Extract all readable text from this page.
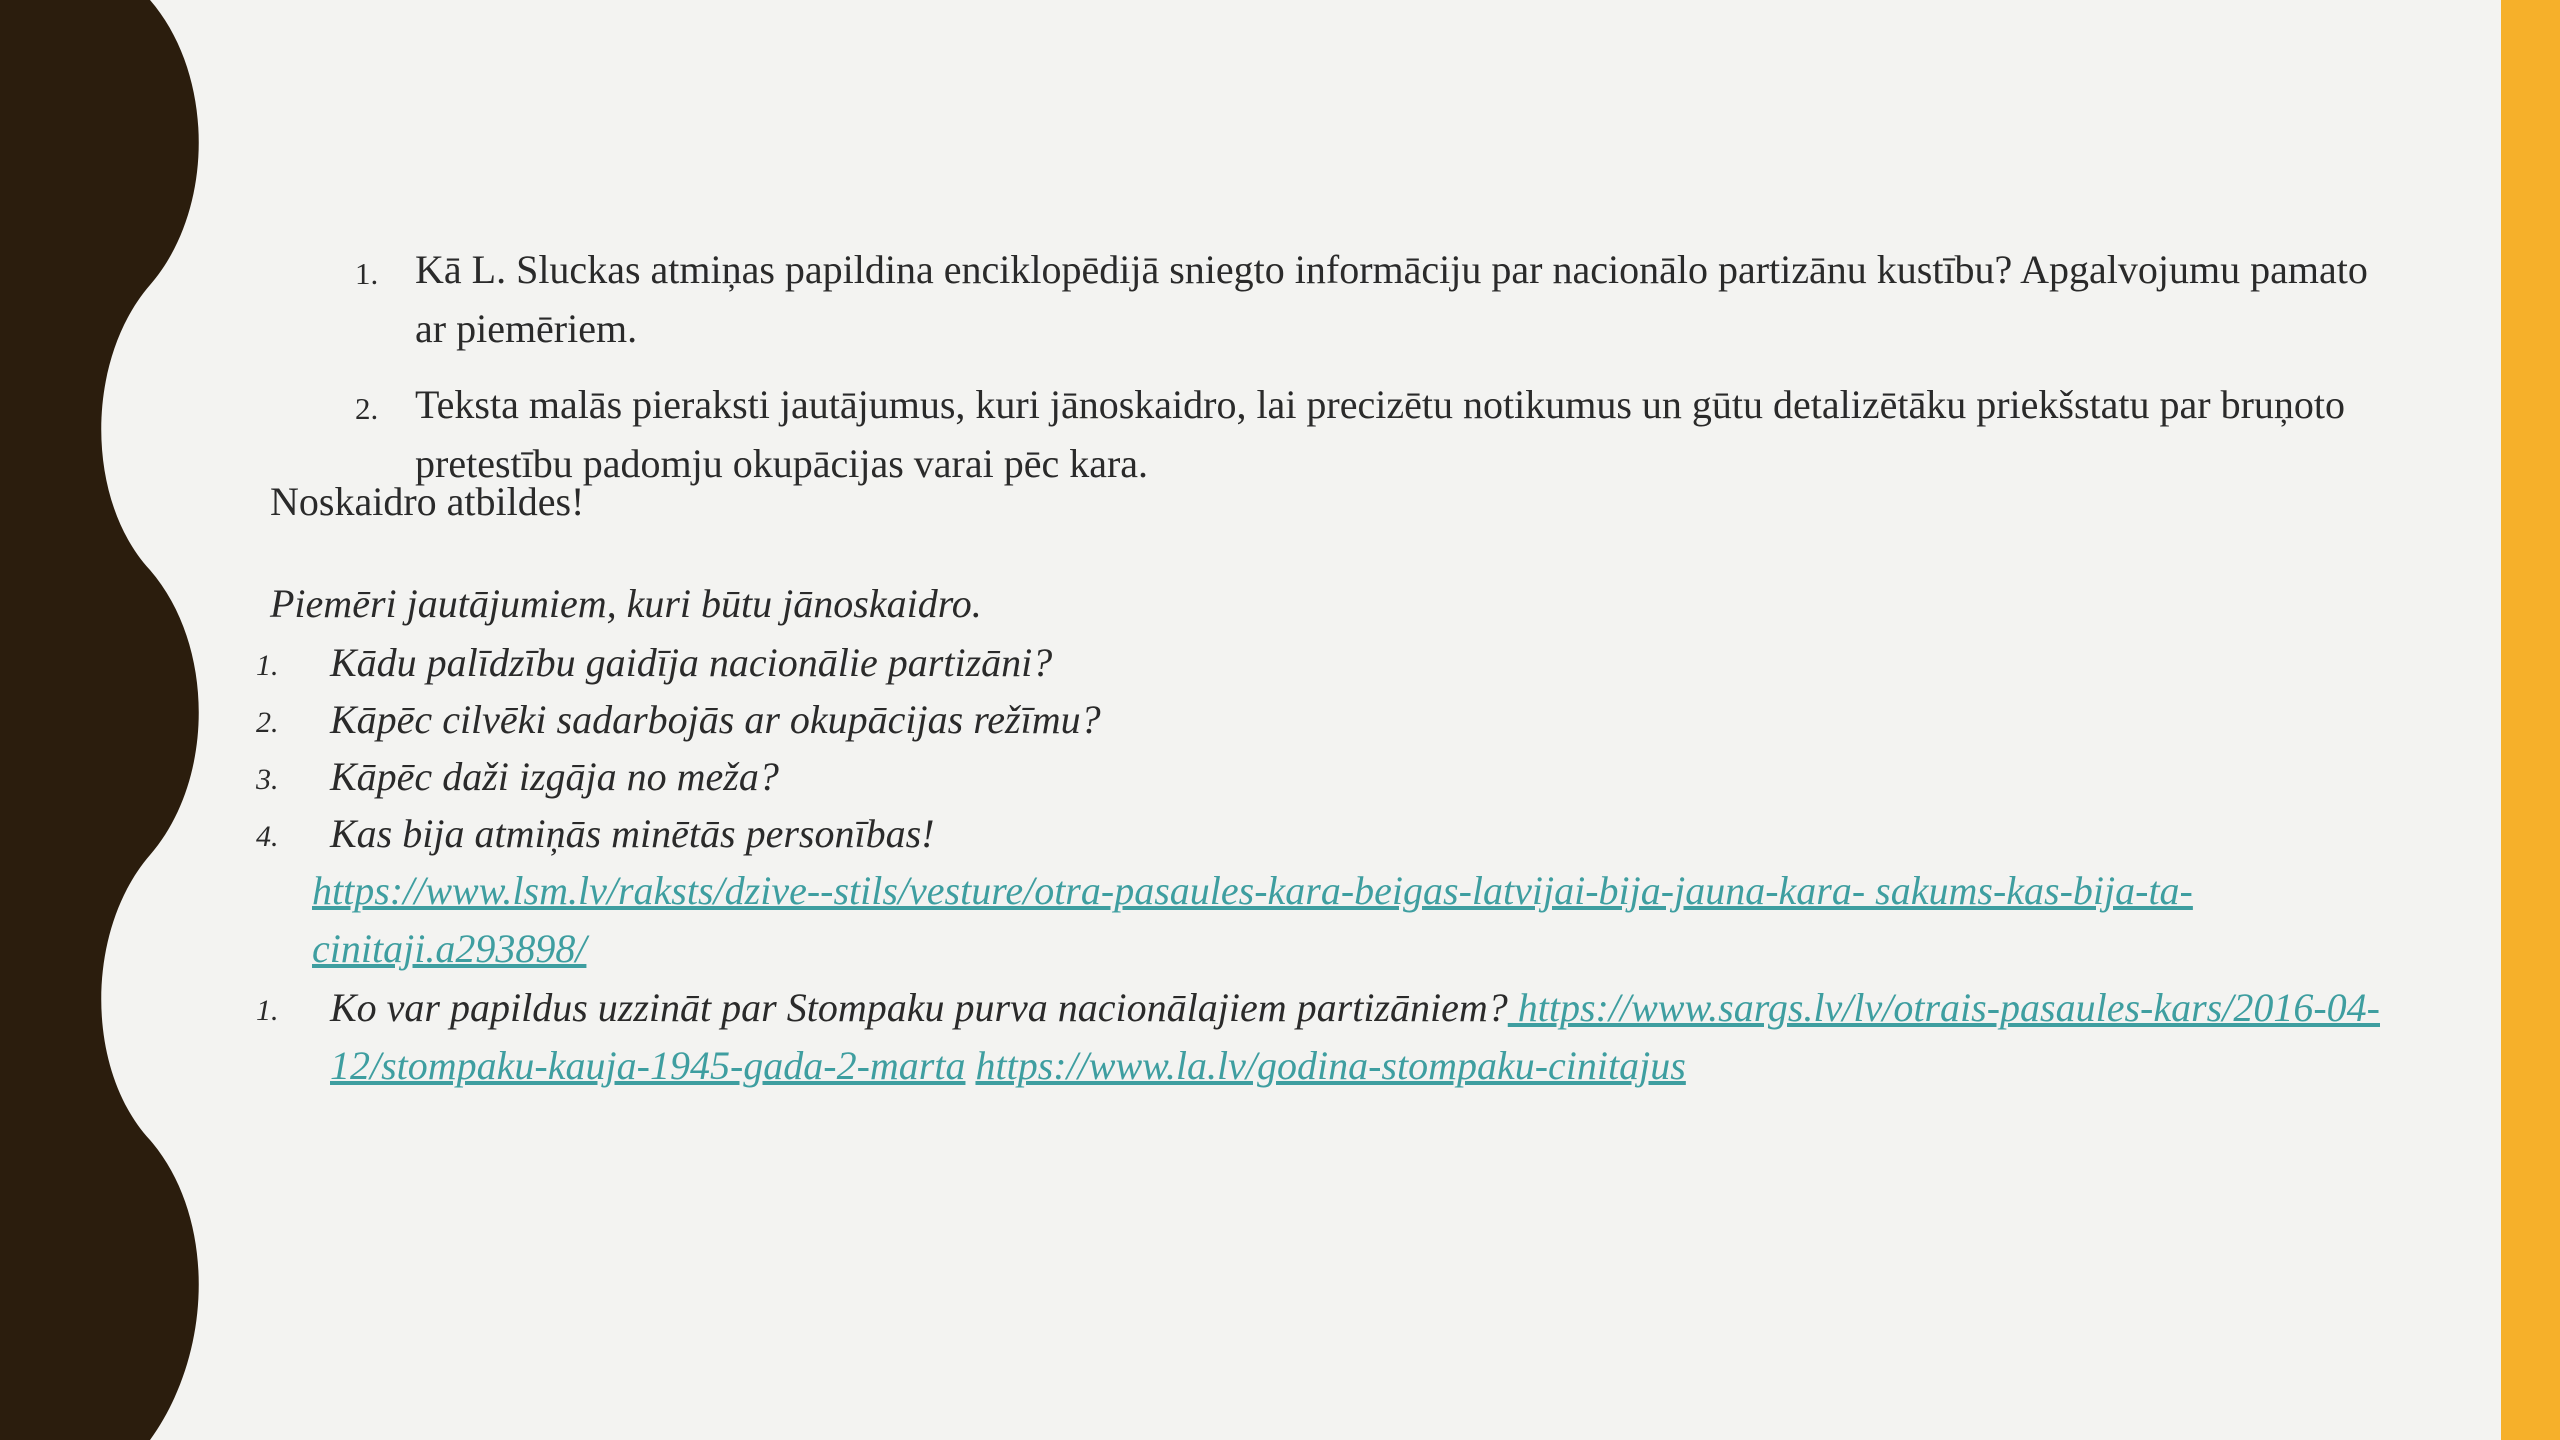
1. Kā L. Sluckas atmiņas papildina enciklopēdijā sniegto informāciju par nacionālo partizānu kustību? Apgalvojumu pamato ar piemēriem.
2. Teksta malās pieraksti jautājumus, kuri jānoskaidro, lai precizētu notikumus un gūtu detalizētāku priekšstatu par bruņoto pretestību padomju okupācijas varai pēc kara.
Noskaidro atbildes!
Piemēri jautājumiem, kuri būtu jānoskaidro.
1. Kādu palīdzību gaidīja nacionālie partizāni?
2. Kāpēc cilvēki sadarbojās ar okupācijas režīmu?
3. Kāpēc daži izgāja no meža?
4. Kas bija atmiņās minētās personības!
https://www.lsm.lv/raksts/dzive--stils/vesture/otra-pasaules-kara-beigas-latvijai-bija-jauna-kara- sakums-kas-bija-ta-cinitaji.a293898/
1. Ko var papildus uzzināt par Stompaku purva nacionālajiem partizāniem? https://www.sargs.lv/lv/otrais-pasaules-kars/2016-04-12/stompaku-kauja-1945-gada-2-marta https://www.la.lv/godina-stompaku-cinitajus
